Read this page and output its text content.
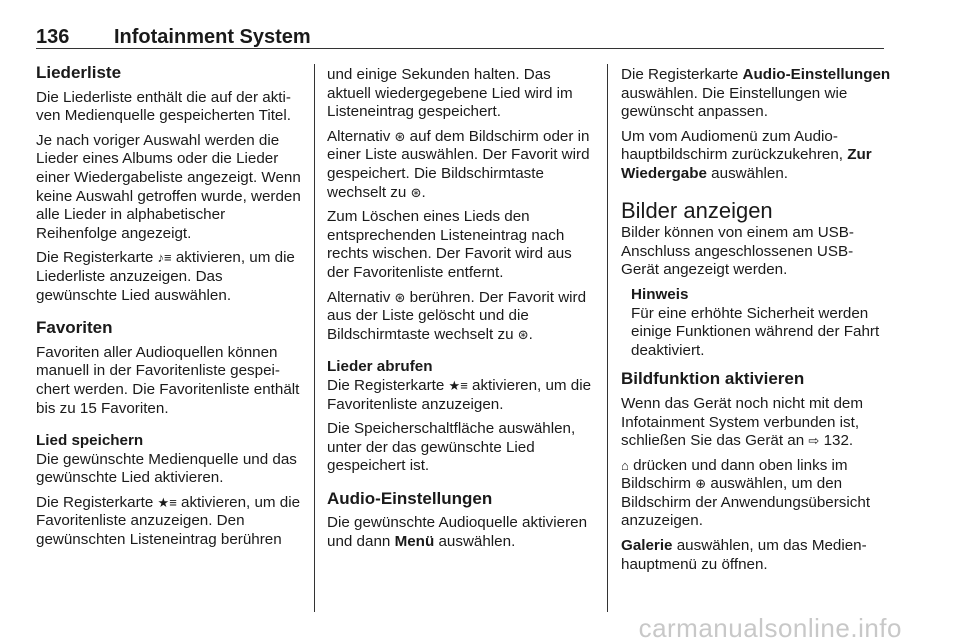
136 Infotainment System
Liederliste

Die Liederliste enthält die auf der aktiven Medienquelle gespeicherten Titel.

Je nach voriger Auswahl werden die Lieder eines Albums oder die Lieder einer Wiedergabeliste angezeigt. Wenn keine Auswahl getroffen wurde, werden alle Lieder in alphabetischer Reihenfolge angezeigt.

Die Registerkarte ♪≡ aktivieren, um die Liederliste anzuzeigen. Das gewünschte Lied auswählen.

Favoriten

Favoriten aller Audioquellen können manuell in der Favoritenliste gespeichert werden. Die Favoritenliste enthält bis zu 15 Favoriten.

Lied speichern

Die gewünschte Medienquelle und das gewünschte Lied aktivieren.

Die Registerkarte ★≡ aktivieren, um die Favoritenliste anzuzeigen. Den gewünschten Listeneintrag berühren

und einige Sekunden halten. Das aktuell wiedergegebene Lied wird im Listeneintrag gespeichert.

Alternativ ⊛ auf dem Bildschirm oder in einer Liste auswählen. Der Favorit wird gespeichert. Die Bildschirmtaste wechselt zu ⊛.

Zum Löschen eines Lieds den entsprechenden Listeneintrag nach rechts wischen. Der Favorit wird aus der Favoritenliste entfernt.

Alternativ ⊛ berühren. Der Favorit wird aus der Liste gelöscht und die Bildschirmtaste wechselt zu ⊛.

Lieder abrufen

Die Registerkarte ★≡ aktivieren, um die Favoritenliste anzuzeigen.

Die Speicherschaltfläche auswählen, unter der das gewünschte Lied gespeichert ist.

Audio-Einstellungen

Die gewünschte Audioquelle aktivieren und dann Menü auswählen.

Die Registerkarte Audio-Einstellungen auswählen. Die Einstellungen wie gewünscht anpassen.

Um vom Audiomenü zum Audiohauptbildschirm zurückzukehren, Zur Wiedergabe auswählen.

Bilder anzeigen

Bilder können von einem am USB-Anschluss angeschlossenen USB-Gerät angezeigt werden.

Hinweis

Für eine erhöhte Sicherheit werden einige Funktionen während der Fahrt deaktiviert.

Bildfunktion aktivieren

Wenn das Gerät noch nicht mit dem Infotainment System verbunden ist, schließen Sie das Gerät an ⇨ 132.

⌂ drücken und dann oben links im Bildschirm ⊕ auswählen, um den Bildschirm der Anwendungsübersicht anzuzeigen.

Galerie auswählen, um das Medienhauptmenü zu öffnen.

carmanualsonline.info
